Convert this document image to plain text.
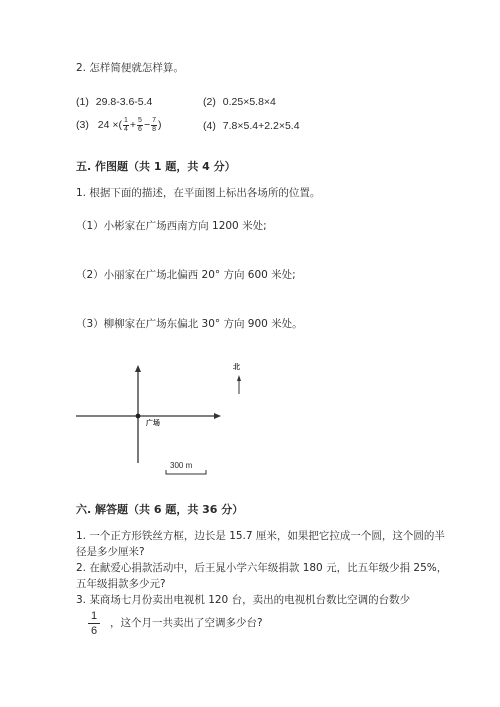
2. 怎样简便就怎样算。
(1) 29.8-3.6-5.4	(2) 0.25×5.8×4
(3) 24 ×( $\frac{1}{4} + \frac{5}{6} - \frac{7}{8}$ )	(4) 7.8×5.4+2.2×5.4
五. 作图题（共 1 题，共 4 分）
1. 根据下面的描述，在平面图上标出各场所的位置。
（1）小彬家在广场西南方向 1200 米处;
（2）小丽家在广场北偏西 20° 方向 600 米处;
（3）柳柳家在广场东偏北 30° 方向 900 米处。
北
广场
300 m
六. 解答题（共 6 题，共 36 分）
1. 一个正方形铁丝方框，边长是 15.7 厘米，如果把它拉成一个圆，这个圆的半
径是多少厘米?
2. 在献爱心捐款活动中，后王晁小学六年级捐款 180 元，比五年级少捐 25%，
五年级捐款多少元?
3. 某商场七月份卖出电视机 120 台，卖出的电视机台数比空调的台数少
1
6
，这个月一共卖出了空调多少台?
